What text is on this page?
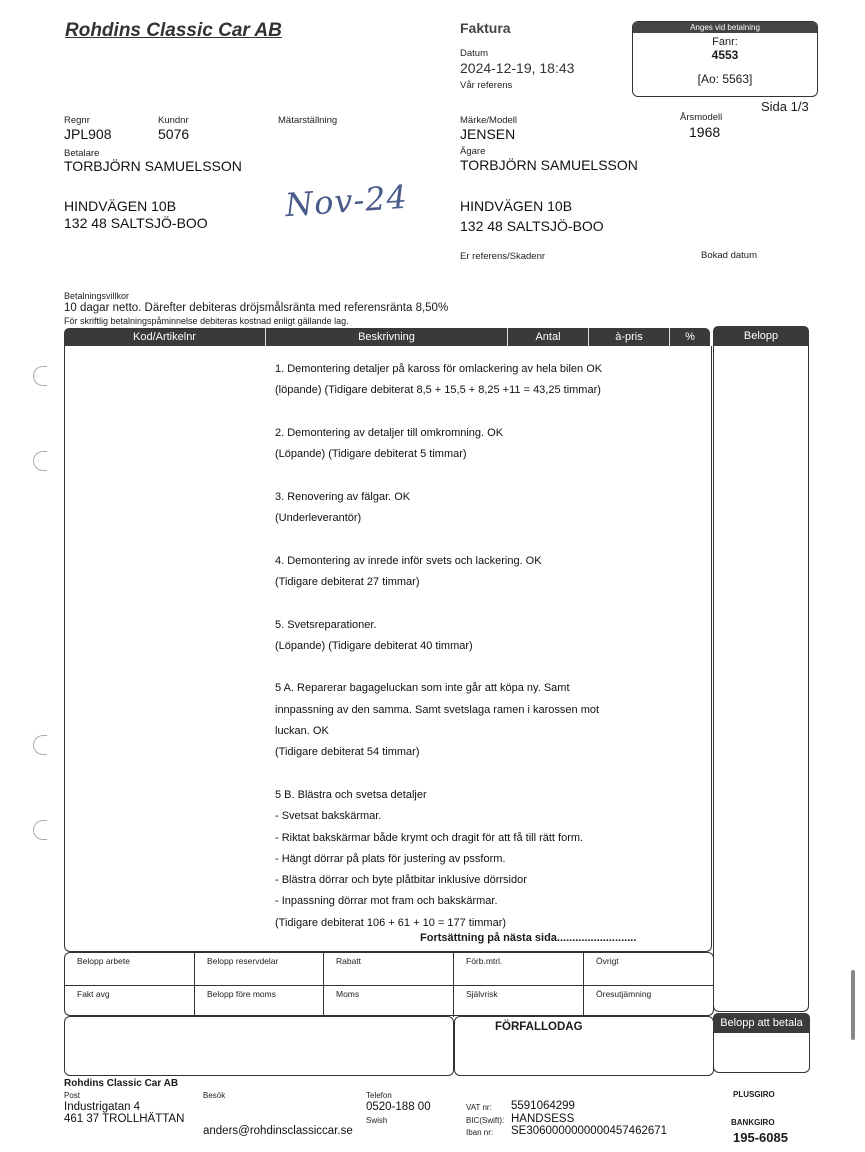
Rohdins Classic Car AB	Faktura
Datum
2024-12-19, 18:43
Vår referens
Anges vid betalning
Fanr:
4553
[Ao: 5563]
Sida 1/3
Regnr
JPL908
Kundnr
5076
Mätarställning	Märke/Modell
JENSEN
Årsmodell
1968
Betalare
TORBJÖRN SAMUELSSON
HINDVÄGEN 10B
132 48 SALTSJÖ-BOO
Ägare
TORBJÖRN SAMUELSSON
HINDVÄGEN 10B
132 48 SALTSJÖ-BOO
Nov-24
Er referens/Skadenr	Bokad datum
Betalningsvillkor
10 dagar netto. Därefter debiteras dröjsmålsränta med referensränta 8,50%
För skriftlig betalningspåminnelse debiteras kostnad enligt gällande lag.
Kod/Artikelnr	Beskrivning	Antal	à-pris	%	Belopp
1. Demontering detaljer på kaross för omlackering av hela bilen OK
(löpande) (Tidigare debiterat 8,5 + 15,5 + 8,25 +11 = 43,25 timmar)
2. Demontering av detaljer till omkromning. OK
(Löpande) (Tidigare debiterat 5 timmar)
3. Renovering av fälgar. OK
(Underleverantör)
4. Demontering av inrede inför svets och lackering. OK
(Tidigare debiterat 27 timmar)
5. Svetsreparationer.
(Löpande) (Tidigare debiterat 40 timmar)
5 A. Reparerar bagageluckan som inte går att köpa ny. Samt
innpassning av den samma. Samt svetslaga ramen i karossen mot
luckan. OK
(Tidigare debiterat 54 timmar)
5 B. Blästra och svetsa detaljer
- Svetsat bakskärmar.
- Riktat bakskärmar både krymt och dragit för att få till rätt form.
- Hängt dörrar på plats för justering av pssform.
- Blästra dörrar och byte plåtbitar inklusive dörrsidor
- Inpassning dörrar mot fram och bakskärmar.
(Tidigare debiterat 106 + 61 + 10 = 177 timmar)
Fortsättning på nästa sida..........................
Belopp arbete	Belopp reservdelar	Rabatt	Förb.mtrl.	Övrigt
Fakt avg	Belopp före moms	Moms	Självrisk	Öresutjämning
FÖRFALLODAG	Belopp att betala
Rohdins Classic Car AB
Post
Industrigatan 4
461 37 TROLLHÄTTAN
Besök
anders@rohdinsclassiccar.se
Telefon
0520-188 00
Swish
VAT nr: 5591064299
BIC(Swift): HANDSESS
Iban nr: SE3060000000000457462671
PLUSGIRO
BANKGIRO
195-6085
